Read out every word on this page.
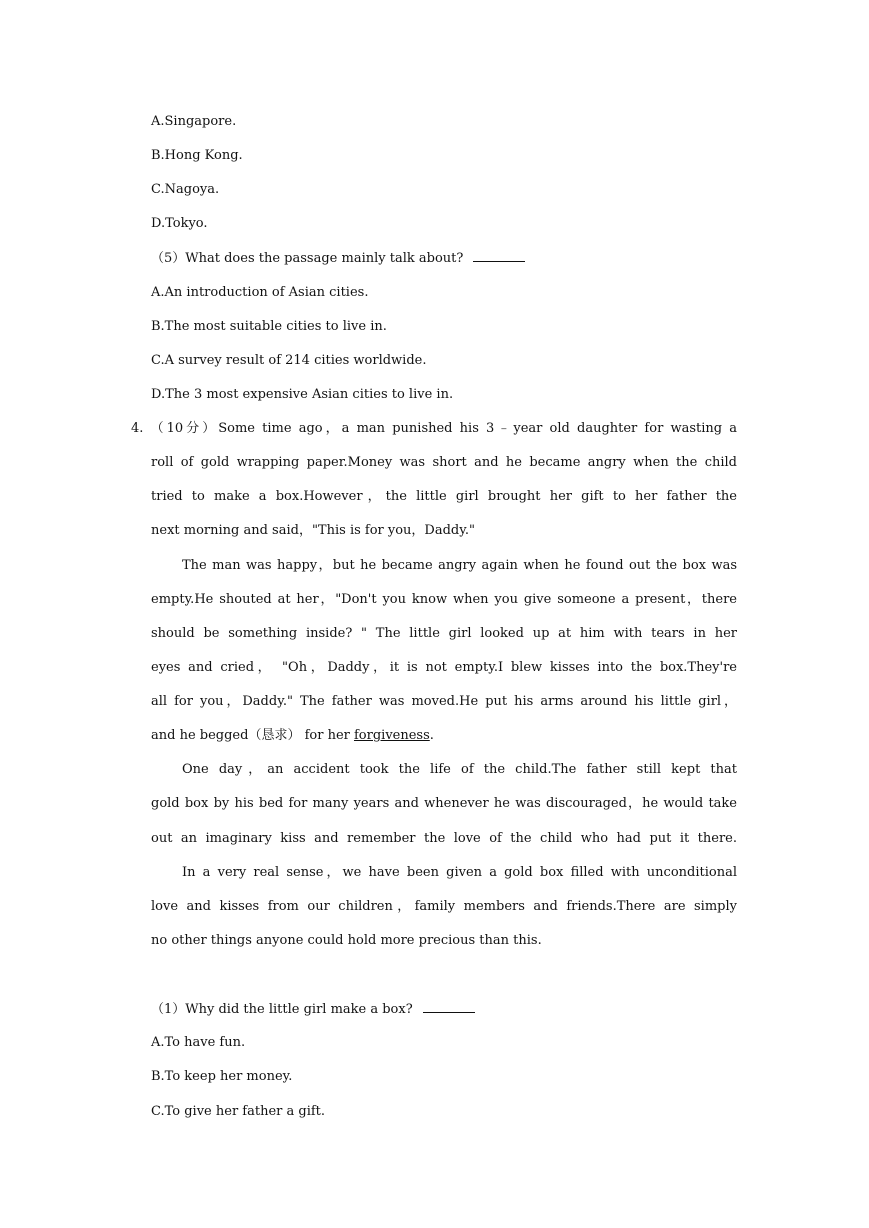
A.Singapore.
B.Hong Kong.
C.Nagoya.
D.Tokyo.
（5）What does the passage mainly talk about?
A.An introduction of Asian cities.
B.The most suitable cities to live in.
C.A survey result of 214 cities worldwide.
D.The 3 most expensive Asian cities to live in.
4. （10分）Some time ago，a man punished his 3﹣year old daughter for wasting a
roll of gold wrapping paper.Money was short and he became angry when the child
tried to make a box.However，the little girl brought her gift to her father the
next morning and said，"This is for you，Daddy."
The man was happy，but he became angry again when he found out the box was
empty.He shouted at her，"Don't you know when you give someone a present，there
should be something inside? " The little girl looked up at him with tears in her
eyes and cried， "Oh，Daddy，it is not empty.I blew kisses into the box.They're
all for you，Daddy." The father was moved.He put his arms around his little girl，
and he begged（恳求） for her forgiveness.
One day，an accident took the life of the child.The father still kept that
gold box by his bed for many years and whenever he was discouraged，he would take
out an imaginary kiss and remember the love of the child who had put it there.
In a very real sense，we have been given a gold box filled with unconditional
love and kisses from our children，family members and friends.There are simply
no other things anyone could hold more precious than this.
（1）Why did the little girl make a box?
A.To have fun.
B.To keep her money.
C.To give her father a gift.
